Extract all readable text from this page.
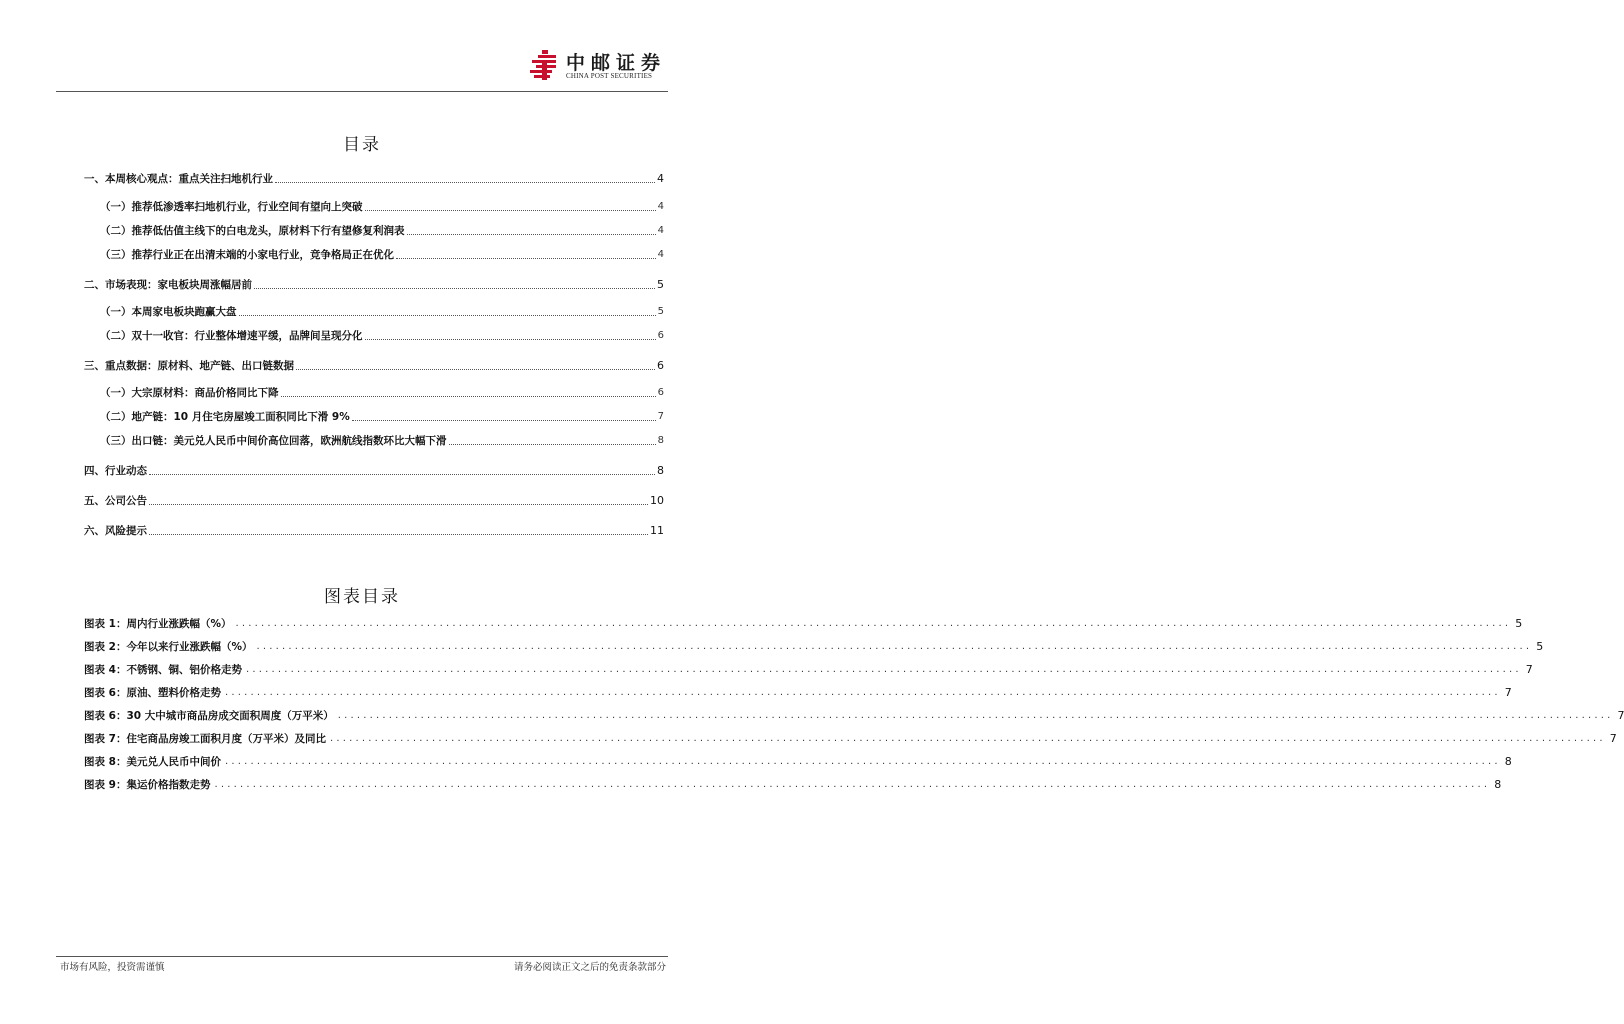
中邮证券
CHINA POST SECURITIES
目录
图表目录
市场有风险，投资需谨慎	请务必阅读正文之后的免责条款部分
一、本周核心观点：重点关注扫地机行业	4
（一）推荐低渗透率扫地机行业，行业空间有望向上突破	4
（二）推荐低估值主线下的白电龙头，原材料下行有望修复利润表	4
（三）推荐行业正在出清末端的小家电行业，竞争格局正在优化	4
二、市场表现：家电板块周涨幅居前	5
（一）本周家电板块跑赢大盘	5
（二）双十一收官：行业整体增速平缓，品牌间呈现分化	6
三、重点数据：原材料、地产链、出口链数据	6
（一）大宗原材料：商品价格同比下降	6
（二）地产链：10 月住宅房屋竣工面积同比下滑 9%	7
（三）出口链：美元兑人民币中间价高位回落，欧洲航线指数环比大幅下滑	8
四、行业动态	8
五、公司公告	10
六、风险提示	11
图表 1：周内行业涨跌幅（%） ........................................................................................................................................................................................................ 5
图表 2：今年以来行业涨跌幅（%） ........................................................................................................................................................................................................ 5
图表 4：不锈钢、铜、铝价格走势 ........................................................................................................................................................................................................ 7
图表 6：原油、塑料价格走势 ........................................................................................................................................................................................................ 7
图表 6：30 大中城市商品房成交面积周度（万平米） ........................................................................................................................................................................................................ 7
图表 7：住宅商品房竣工面积月度（万平米）及同比 ........................................................................................................................................................................................................ 7
图表 8：美元兑人民币中间价 ........................................................................................................................................................................................................ 8
图表 9：集运价格指数走势 ........................................................................................................................................................................................................ 8
